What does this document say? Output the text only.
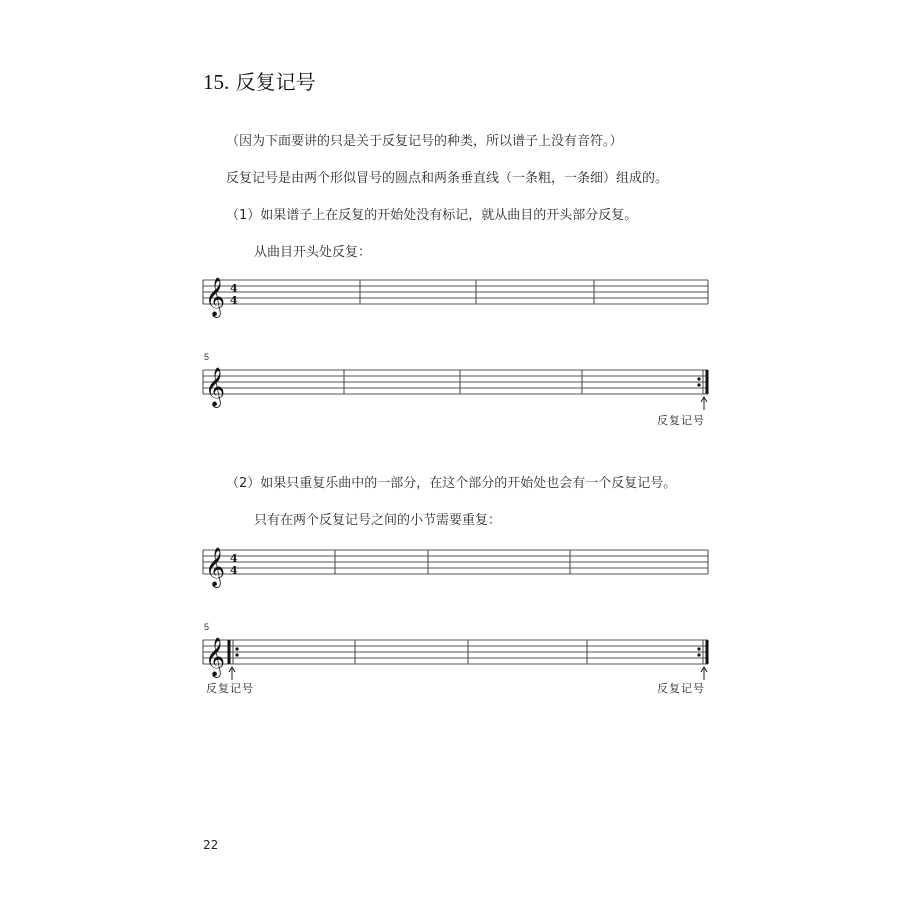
15. 反复记号
（因为下面要讲的只是关于反复记号的种类，所以谱子上没有音符。）
反复记号是由两个形似冒号的圆点和两条垂直线（一条粗，一条细）组成的。
（1）如果谱子上在反复的开始处没有标记，就从曲目的开头部分反复。
从曲目开头处反复：
𝄞 4
4
5
𝄞
反复记号
（2）如果只重复乐曲中的一部分，在这个部分的开始处也会有一个反复记号。
只有在两个反复记号之间的小节需要重复：
𝄞 4
4
5
𝄞
反复记号	反复记号
22
